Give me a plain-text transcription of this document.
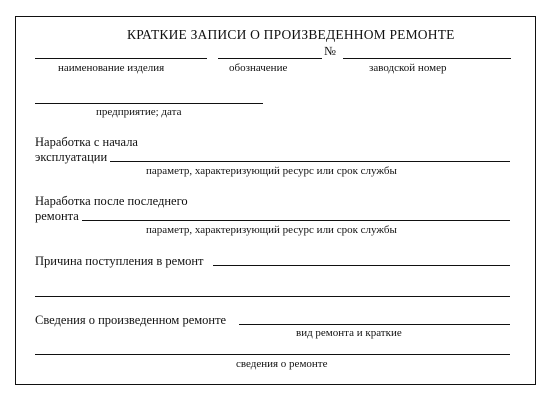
КРАТКИЕ ЗАПИСИ О ПРОИЗВЕДЕННОМ РЕМОНТЕ
№
наименование изделия	обозначение	заводской номер
предприятие; дата
Наработка с начала
эксплуатации
параметр, характеризующий ресурс или срок службы
Наработка после последнего
ремонта
параметр, характеризующий ресурс или срок службы
Причина поступления в ремонт
Сведения о произведенном ремонте
вид ремонта и краткие
сведения о ремонте
